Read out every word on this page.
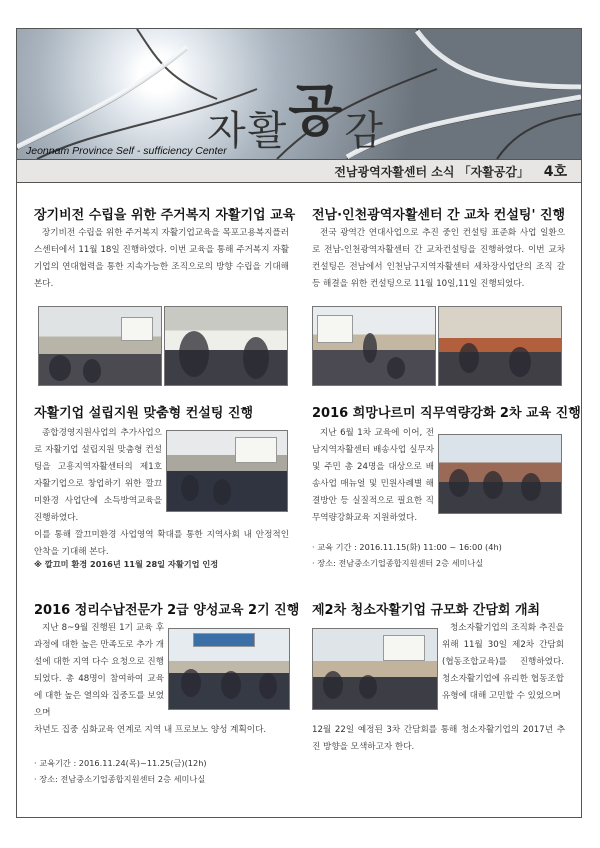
자활공감
Jeonnam Province Self - sufficiency Center
전남광역자활센터 소식 「자활공감」 4호
장기비전 수립을 위한 주거복지 자활기업 교육
장기비전 수립을 위한 주거복지 자활기업교육을 목포고용복지플러스센터에서 11월 18일 진행하였다. 이번 교육을 통해 주거복지 자활기업의 연대협력을 통한 지속가능한 조직으로의 방향 수립을 기대해 본다.
전남·인천광역자활센터 간 교차 컨설팅' 진행
전국 광역간 연대사업으로 추진 중인 컨설팅 표준화 사업 일환으로 전남-인천광역자활센터 간 교차컨설팅을 진행하였다. 이번 교차컨설팅은 전남에서 인천남구지역자활센터 세차장사업단의 조직 갈등 해결을 위한 컨설팅으로 11월 10일,11일 진행되었다.
자활기업 설립지원 맞춤형 컨설팅 진행
종합경영지원사업의 추가사업으로 자활기업 설립지원 맞춤형 컨설팅을 고흥지역자활센터의 제1호 자활기업으로 창업하기 위한 깔끄미환경 사업단에 소득방역교육을 진행하였다.
이를 통해 깔끄미환경 사업영역 확대를 통한 지역사회 내 안정적인 안착을 기대해 본다.
※ 깔끄미 환경 2016년 11월 28일 자활기업 인정
2016 희망나르미 직무역량강화 2차 교육 진행
지난 6월 1차 교육에 이어, 전남지역자활센터 배송사업 실무자 및 주민 총 24명을 대상으로 배송사업 매뉴얼 및 민원사례별 해결방안 등 실질적으로 필요한 직무역량강화교육 지원하였다.
· 교육 기간 : 2016.11.15(화) 11:00 ~ 16:00 (4h)
· 장소: 전남중소기업종합지원센터 2층 세미나실
2016 정리수납전문가 2급 양성교육 2기 진행
지난 8~9월 진행된 1기 교육 후 과정에 대한 높은 만족도로 추가 개설에 대한 지역 다수 요청으로 진행되었다. 총 48명이 참여하여 교육에 대한 높은 열의와 집중도를 보였으며
차년도 집중 심화교육 연계로 지역 내 프로보노 양성 계획이다.
· 교육기간 : 2016.11.24(목)~11.25(금)(12h)
· 장소: 전남중소기업종합지원센터 2층 세미나실
제2차 청소자활기업 규모화 간담회 개최
청소자활기업의 조직화 추진을 위해 11월 30일 제2차 간담회(협동조합교육)를 진행하였다. 청소자활기업에 유리한 협동조합 유형에 대해 고민할 수 있었으며
12월 22일 예정된 3차 간담회를 통해 청소자활기업의 2017년 추진 방향을 모색하고자 한다.
